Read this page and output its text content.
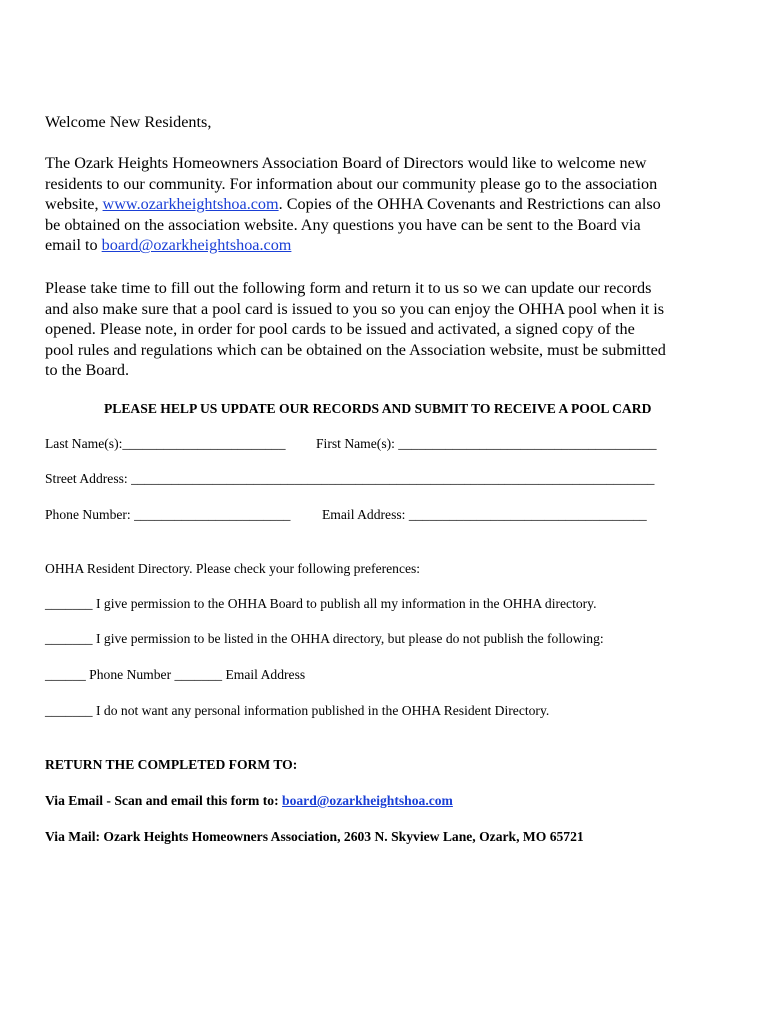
Welcome New Residents,
The Ozark Heights Homeowners Association Board of Directors would like to welcome new
residents to our community. For information about our community please go to the association
website, www.ozarkheightshoa.com. Copies of the OHHA Covenants and Restrictions can also
be obtained on the association website. Any questions you have can be sent to the Board via
email to board@ozarkheightshoa.com
Please take time to fill out the following form and return it to us so we can update our records
and also make sure that a pool card is issued to you so you can enjoy the OHHA pool when it is
opened. Please note, in order for pool cards to be issued and activated, a signed copy of the
pool rules and regulations which can be obtained on the Association website, must be submitted
to the Board.
PLEASE HELP US UPDATE OUR RECORDS AND SUBMIT TO RECEIVE A POOL CARD
Last Name(s):________________________ First Name(s): ______________________________________
Street Address: _____________________________________________________________________________
Phone Number: _______________________ Email Address: ___________________________________
OHHA Resident Directory. Please check your following preferences:
_______ I give permission to the OHHA Board to publish all my information in the OHHA directory.
_______ I give permission to be listed in the OHHA directory, but please do not publish the following:
______ Phone Number _______ Email Address
_______ I do not want any personal information published in the OHHA Resident Directory.
RETURN THE COMPLETED FORM TO:
Via Email - Scan and email this form to: board@ozarkheightshoa.com
Via Mail: Ozark Heights Homeowners Association, 2603 N. Skyview Lane, Ozark, MO 65721
